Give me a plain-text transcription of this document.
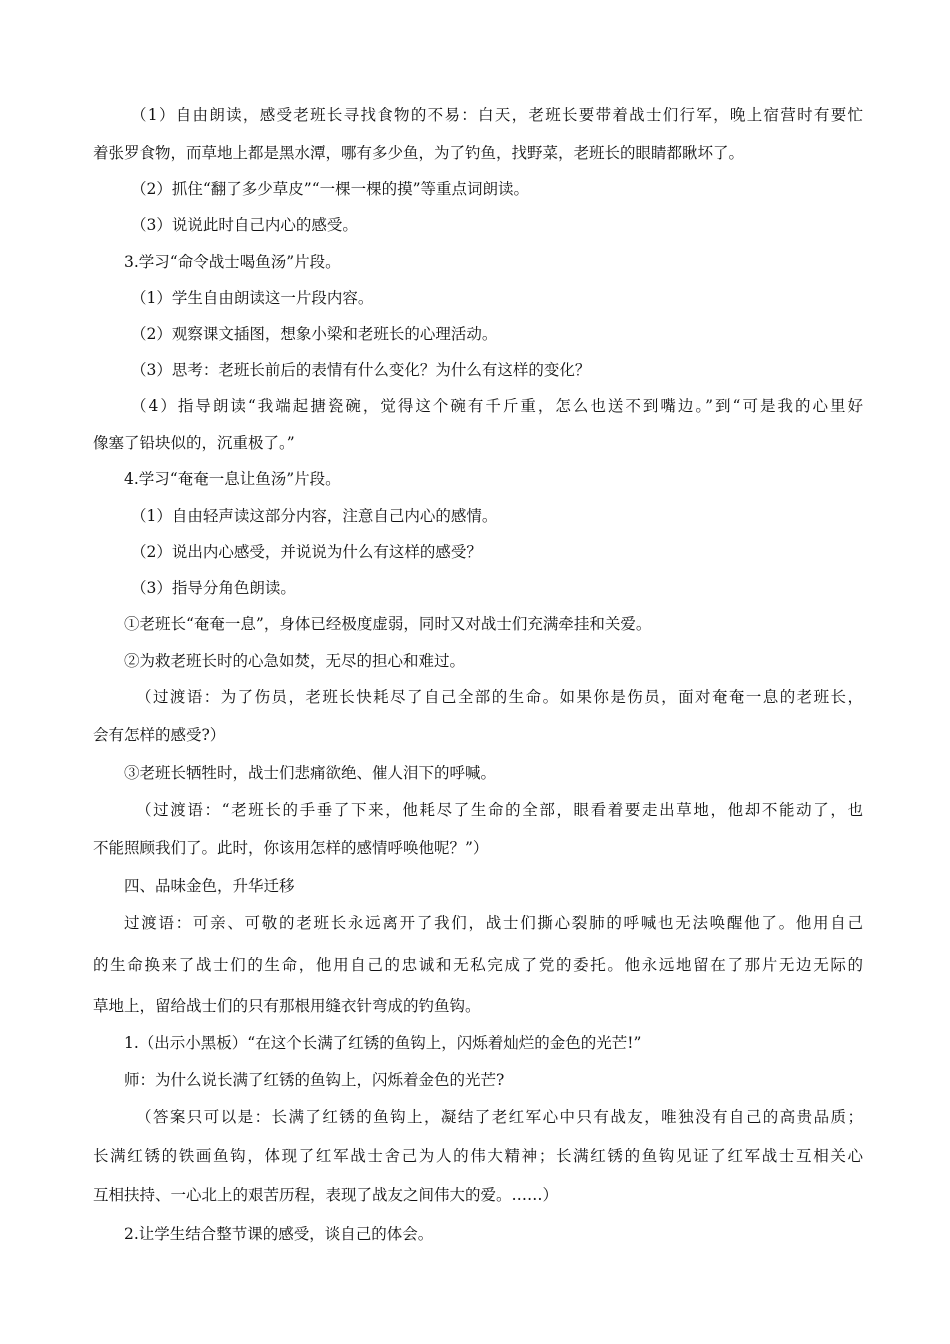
（1）自由朗读，感受老班长寻找食物的不易：白天，老班长要带着战士们行军，晚上宿营时有要忙
着张罗食物，而草地上都是黑水潭，哪有多少鱼，为了钓鱼，找野菜，老班长的眼睛都瞅坏了。
（2）抓住“翻了多少草皮”“一棵一棵的摸”等重点词朗读。
（3）说说此时自己内心的感受。
3.学习“命令战士喝鱼汤”片段。
（1）学生自由朗读这一片段内容。
（2）观察课文插图，想象小梁和老班长的心理活动。
（3）思考：老班长前后的表情有什么变化？为什么有这样的变化？
（4）指导朗读“我端起搪瓷碗，觉得这个碗有千斤重，怎么也送不到嘴边。”到“可是我的心里好
像塞了铅块似的，沉重极了。”
4.学习“奄奄一息让鱼汤”片段。
（1）自由轻声读这部分内容，注意自己内心的感情。
（2）说出内心感受，并说说为什么有这样的感受？
（3）指导分角色朗读。
①老班长“奄奄一息”，身体已经极度虚弱，同时又对战士们充满牵挂和关爱。
②为救老班长时的心急如焚，无尽的担心和难过。
（过渡语：为了伤员，老班长快耗尽了自己全部的生命。如果你是伤员，面对奄奄一息的老班长，
会有怎样的感受?）
③老班长牺牲时，战士们悲痛欲绝、催人泪下的呼喊。
（过渡语：“老班长的手垂了下来，他耗尽了生命的全部，眼看着要走出草地，他却不能动了，也
不能照顾我们了。此时，你该用怎样的感情呼唤他呢？”）
四、品味金色，升华迁移
过渡语：可亲、可敬的老班长永远离开了我们，战士们撕心裂肺的呼喊也无法唤醒他了。他用自己
的生命换来了战士们的生命，他用自己的忠诚和无私完成了党的委托。他永远地留在了那片无边无际的
草地上，留给战士们的只有那根用缝衣针弯成的钓鱼钩。
1.（出示小黑板）“在这个长满了红锈的鱼钩上，闪烁着灿烂的金色的光芒!”
师：为什么说长满了红锈的鱼钩上，闪烁着金色的光芒?
（答案只可以是：长满了红锈的鱼钩上，凝结了老红军心中只有战友，唯独没有自己的高贵品质；
长满红锈的铁画鱼钩，体现了红军战士舍己为人的伟大精神；长满红锈的鱼钩见证了红军战士互相关心
互相扶持、一心北上的艰苦历程，表现了战友之间伟大的爱。……）
2.让学生结合整节课的感受，谈自己的体会。
